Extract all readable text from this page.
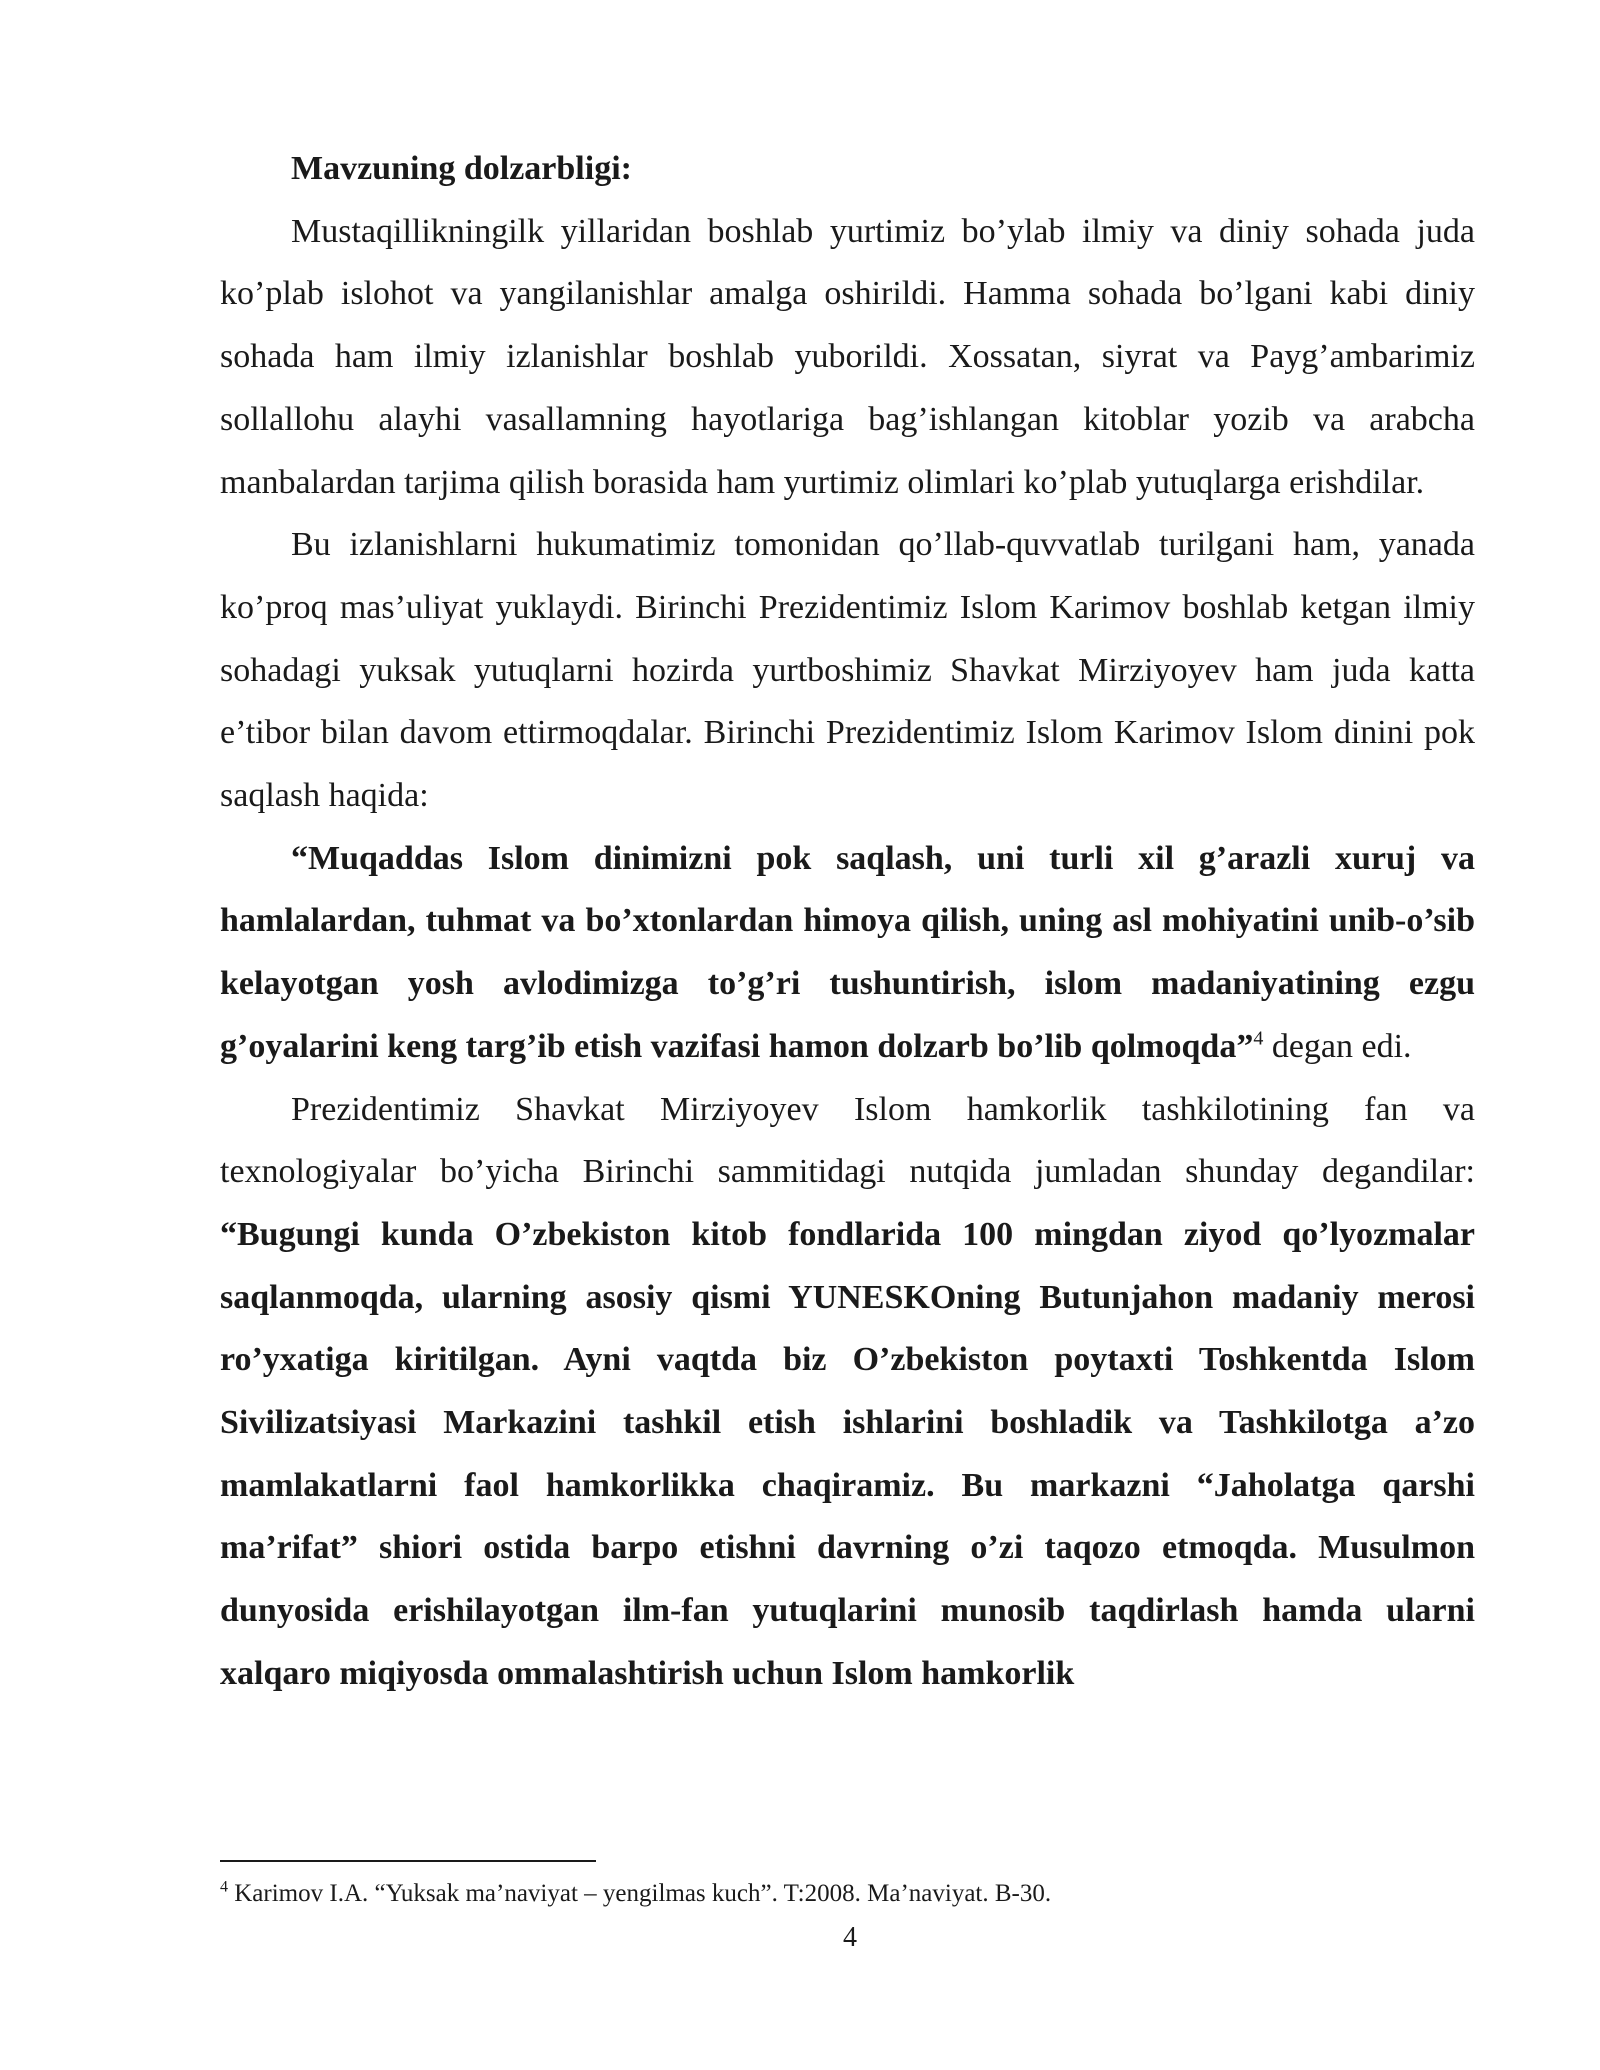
Mavzuning dolzarbligi:

Mustaqillikningilk yillaridan boshlab yurtimiz bo’ylab ilmiy va diniy sohada juda ko’plab islohot va yangilanishlar amalga oshirildi. Hamma sohada bo’lgani kabi diniy sohada ham ilmiy izlanishlar boshlab yuborildi. Xossatan, siyrat va Payg’ambarimiz sollallohu alayhi vasallamning hayotlariga bag’ishlangan kitoblar yozib va arabcha manbalardan tarjima qilish borasida ham yurtimiz olimlari ko’plab yutuqlarga erishdilar.

Bu izlanishlarni hukumatimiz tomonidan qo’llab-quvvatlab turilgani ham, yanada ko’proq mas’uliyat yuklaydi. Birinchi Prezidentimiz Islom Karimov boshlab ketgan ilmiy sohadagi yuksak yutuqlarni hozirda yurtboshimiz Shavkat Mirziyoyev ham juda katta e’tibor bilan davom ettirmoqdalar. Birinchi Prezidentimiz Islom Karimov Islom dinini pok saqlash haqida:

“Muqaddas Islom dinimizni pok saqlash, uni turli xil g’arazli xuruj va hamlalardan, tuhmat va bo’xtonlardan himoya qilish, uning asl mohiyatini unib-o’sib kelayotgan yosh avlodimizga to’g’ri tushuntirish, islom madaniyatining ezgu g’oyalarini keng targ’ib etish vazifasi hamon dolzarb bo’lib qolmoqda”$^4$ degan edi.

Prezidentimiz Shavkat Mirziyoyev Islom hamkorlik tashkilotining fan va texnologiyalar bo’yicha Birinchi sammitidagi nutqida jumladan shunday degandilar: “Bugungi kunda O’zbekiston kitob fondlarida 100 mingdan ziyod qo’lyozmalar saqlanmoqda, ularning asosiy qismi YUNESKOning Butunjahon madaniy merosi ro’yxatiga kiritilgan. Ayni vaqtda biz O’zbekiston poytaxti Toshkentda Islom Sivilizatsiyasi Markazini tashkil etish ishlarini boshladik va Tashkilotga a’zo mamlakatlarni faol hamkorlikka chaqiramiz. Bu markazni “Jaholatga qarshi ma’rifat” shiori ostida barpo etishni davrning o’zi taqozo etmoqda. Musulmon dunyosida erishilayotgan ilm-fan yutuqlarini munosib taqdirlash hamda ularni xalqaro miqiyosda ommalashtirish uchun Islom hamkorlik

$^4$ Karimov I.A. “Yuksak ma’naviyat – yengilmas kuch”. T:2008. Ma’naviyat. B-30.
4
